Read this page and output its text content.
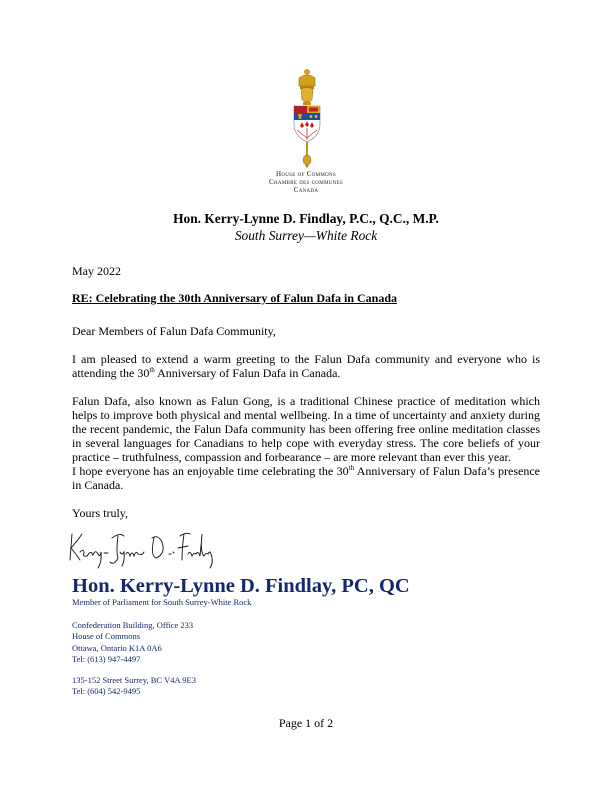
House of Commons
Chambre des communes
Canada
Hon. Kerry-Lynne D. Findlay, P.C., Q.C., M.P.
South Surrey—White Rock
May 2022
RE: Celebrating the 30th Anniversary of Falun Dafa in Canada
Dear Members of Falun Dafa Community,
I am pleased to extend a warm greeting to the Falun Dafa community and everyone who is attending the 30th Anniversary of Falun Dafa in Canada.
Falun Dafa, also known as Falun Gong, is a traditional Chinese practice of meditation which helps to improve both physical and mental wellbeing. In a time of uncertainty and anxiety during the recent pandemic, the Falun Dafa community has been offering free online meditation classes in several languages for Canadians to help cope with everyday stress. The core beliefs of your practice – truthfulness, compassion and forbearance – are more relevant than ever this year.
I hope everyone has an enjoyable time celebrating the 30th Anniversary of Falun Dafa’s presence in Canada.
Yours truly,
Hon. Kerry-Lynne D. Findlay, PC, QC
Member of Parliament for South Surrey-White Rock
Confederation Building, Office 233
House of Commons
Ottawa, Ontario K1A 0A6
Tel: (613) 947-4497
135-152 Street Surrey, BC V4A 9E3
Tel: (604) 542-9495
Page 1 of 2
